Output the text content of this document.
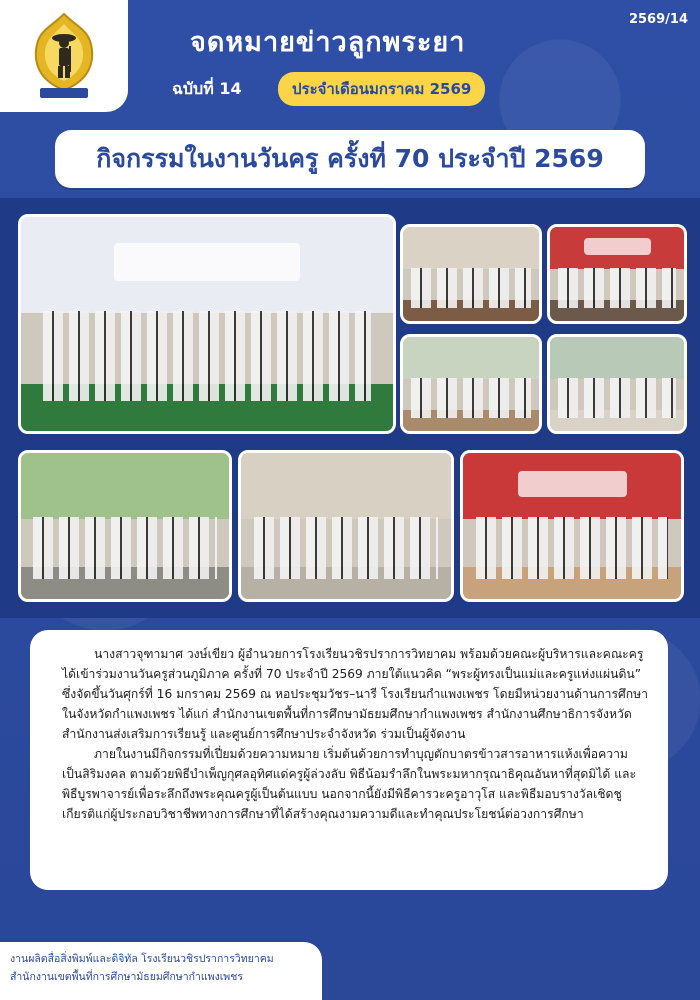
2569/14
จดหมายข่าวลูกพระยา
ฉบับที่ 14	ประจำเดือนมกราคม 2569
กิจกรรมในงานวันครู ครั้งที่ 70 ประจำปี 2569

นางสาวจุฑามาศ วงษ์เขียว ผู้อำนวยการโรงเรียนวชิรปราการวิทยาคม พร้อมด้วยคณะผู้บริหารและคณะครู ได้เข้าร่วมงานวันครูส่วนภูมิภาค ครั้งที่ 70 ประจำปี 2569 ภายใต้แนวคิด “พระผู้ทรงเป็นแม่และครูแห่งแผ่นดิน” ซึ่งจัดขึ้นวันศุกร์ที่ 16 มกราคม 2569 ณ หอประชุมวัชร–นารี โรงเรียนกำแพงเพชร โดยมีหน่วยงานด้านการศึกษาในจังหวัดกำแพงเพชร ได้แก่ สำนักงานเขตพื้นที่การศึกษามัธยมศึกษากำแพงเพชร สำนักงานศึกษาธิการจังหวัด สำนักงานส่งเสริมการเรียนรู้ และศูนย์การศึกษาประจำจังหวัด ร่วมเป็นผู้จัดงาน

ภายในงานมีกิจกรรมที่เปี่ยมด้วยความหมาย เริ่มต้นด้วยการทำบุญตักบาตรข้าวสารอาหารแห้งเพื่อความเป็นสิริมงคล ตามด้วยพิธีบำเพ็ญกุศลอุทิศแด่ครูผู้ล่วงลับ พิธีน้อมรำลึกในพระมหากรุณาธิคุณอันหาที่สุดมิได้ และพิธีบูรพาจารย์เพื่อระลึกถึงพระคุณครูผู้เป็นต้นแบบ นอกจากนี้ยังมีพิธีคารวะครูอาวุโส และพิธีมอบรางวัลเชิดชูเกียรติแก่ผู้ประกอบวิชาชีพทางการศึกษาที่ได้สร้างคุณงามความดีและทำคุณประโยชน์ต่อวงการศึกษา

งานผลิตสื่อสิ่งพิมพ์และดิจิทัล โรงเรียนวชิรปราการวิทยาคม
สำนักงานเขตพื้นที่การศึกษามัธยมศึกษากำแพงเพชร
